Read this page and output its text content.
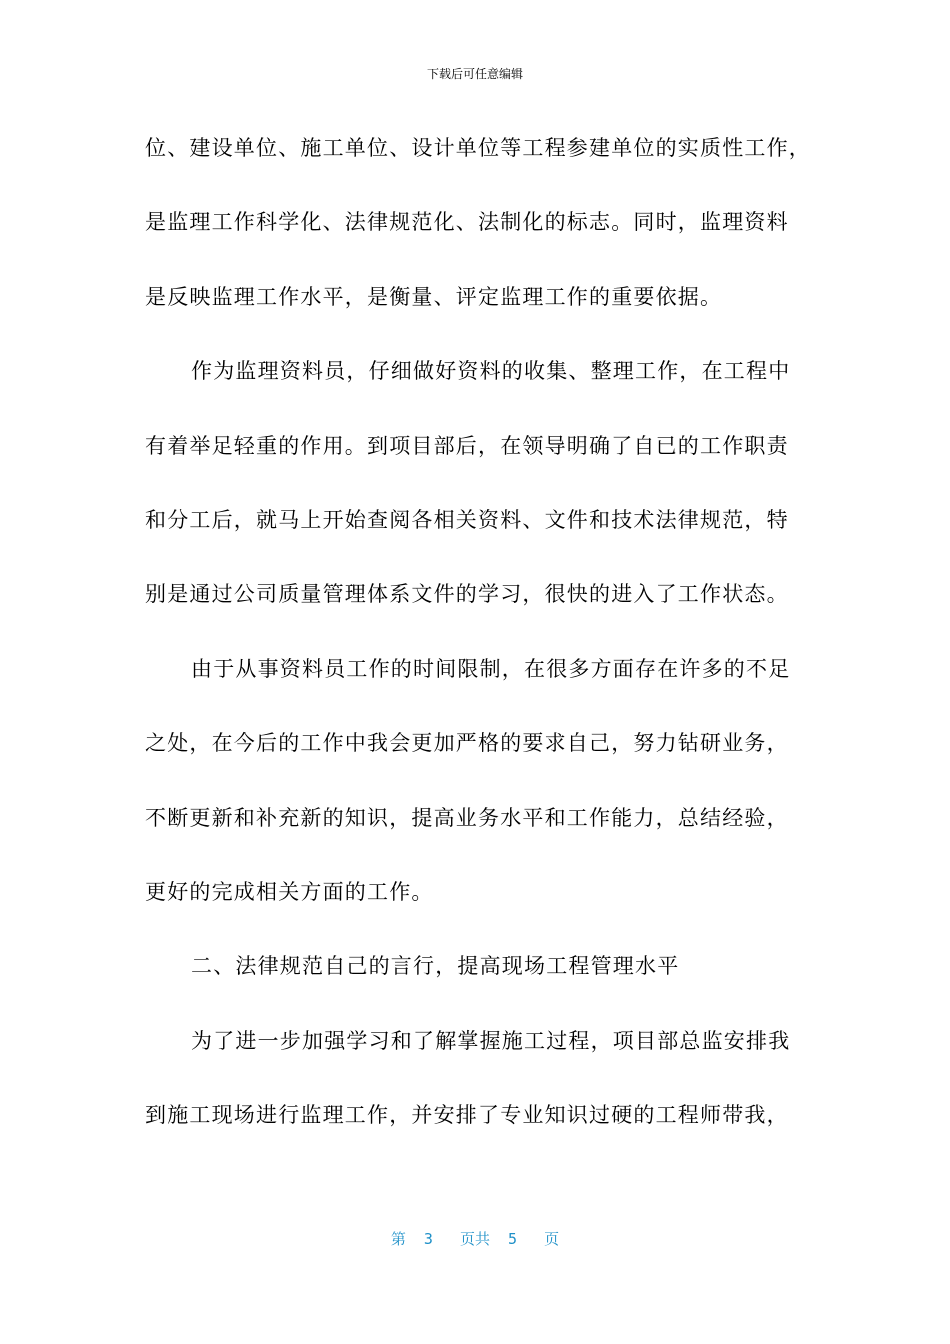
下载后可任意编辑
位、建设单位、施工单位、设计单位等工程参建单位的实质性工作，
是监理工作科学化、法律规范化、法制化的标志。同时，监理资料
是反映监理工作水平，是衡量、评定监理工作的重要依据。
作为监理资料员，仔细做好资料的收集、整理工作，在工程中
有着举足轻重的作用。到项目部后，在领导明确了自已的工作职责
和分工后，就马上开始查阅各相关资料、文件和技术法律规范，特
别是通过公司质量管理体系文件的学习，很快的进入了工作状态。
由于从事资料员工作的时间限制，在很多方面存在许多的不足
之处，在今后的工作中我会更加严格的要求自己，努力钻研业务，
不断更新和补充新的知识，提高业务水平和工作能力，总结经验，
更好的完成相关方面的工作。
二、法律规范自己的言行，提高现场工程管理水平
为了进一步加强学习和了解掌握施工过程，项目部总监安排我
到施工现场进行监理工作，并安排了专业知识过硬的工程师带我，
第  3   页共  5   页
